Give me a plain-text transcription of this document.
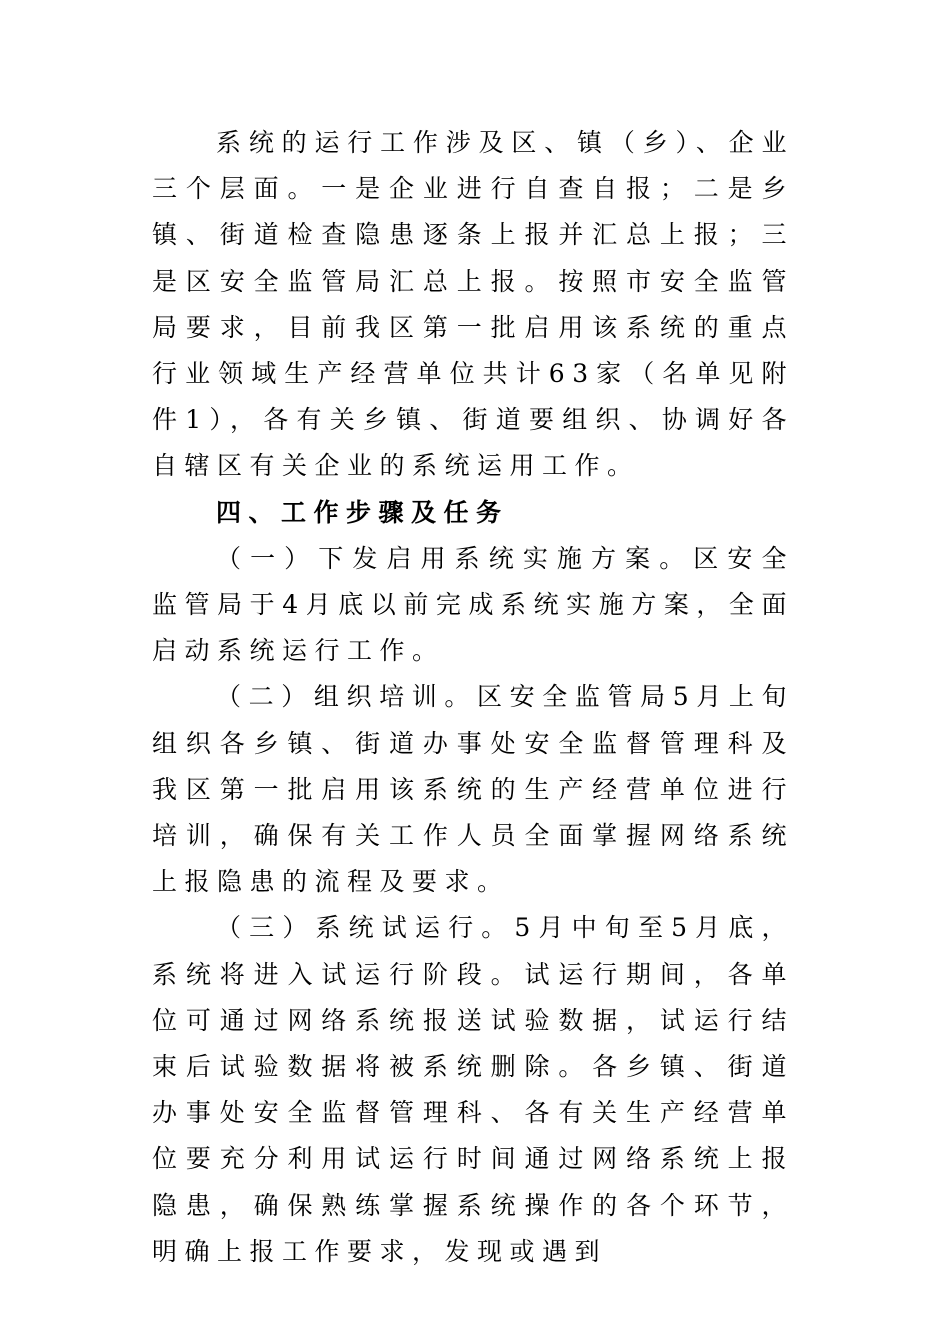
系统的运行工作涉及区、镇（乡）、企业三个层面。一是企业进行自查自报；二是乡镇、街道检查隐患逐条上报并汇总上报；三是区安全监管局汇总上报。按照市安全监管局要求，目前我区第一批启用该系统的重点行业领域生产经营单位共计63家（名单见附件1），各有关乡镇、街道要组织、协调好各自辖区有关企业的系统运用工作。

四、工作步骤及任务

（一）下发启用系统实施方案。区安全监管局于4月底以前完成系统实施方案，全面启动系统运行工作。

（二）组织培训。区安全监管局5月上旬组织各乡镇、街道办事处安全监督管理科及我区第一批启用该系统的生产经营单位进行培训，确保有关工作人员全面掌握网络系统上报隐患的流程及要求。

（三）系统试运行。5月中旬至5月底，系统将进入试运行阶段。试运行期间，各单位可通过网络系统报送试验数据，试运行结束后试验数据将被系统删除。各乡镇、街道办事处安全监督管理科、各有关生产经营单位要充分利用试运行时间通过网络系统上报隐患，确保熟练掌握系统操作的各个环节，明确上报工作要求，发现或遇到
